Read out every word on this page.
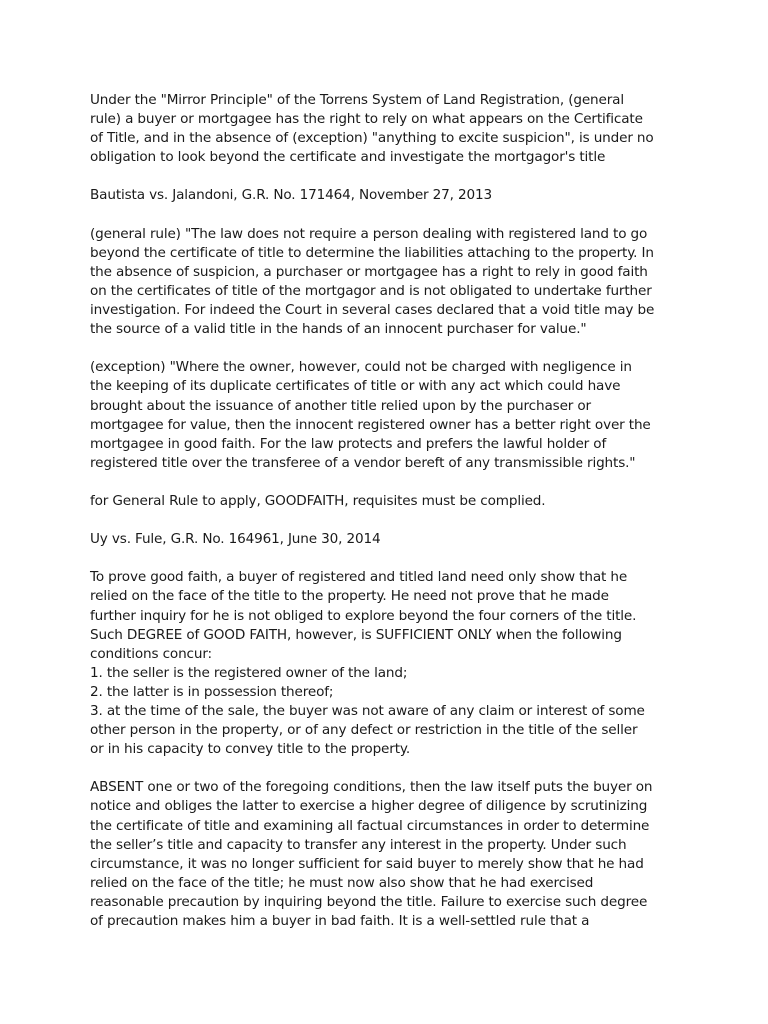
Under the "Mirror Principle" of the Torrens System of Land Registration, (general
rule) a buyer or mortgagee has the right to rely on what appears on the Certificate
of Title, and in the absence of (exception) "anything to excite suspicion", is under no
obligation to look beyond the certificate and investigate the mortgagor's title

Bautista vs. Jalandoni, G.R. No. 171464, November 27, 2013

(general rule) "The law does not require a person dealing with registered land to go
beyond the certificate of title to determine the liabilities attaching to the property. In
the absence of suspicion, a purchaser or mortgagee has a right to rely in good faith
on the certificates of title of the mortgagor and is not obligated to undertake further
investigation. For indeed the Court in several cases declared that a void title may be
the source of a valid title in the hands of an innocent purchaser for value."

(exception) "Where the owner, however, could not be charged with negligence in
the keeping of its duplicate certificates of title or with any act which could have
brought about the issuance of another title relied upon by the purchaser or
mortgagee for value, then the innocent registered owner has a better right over the
mortgagee in good faith. For the law protects and prefers the lawful holder of
registered title over the transferee of a vendor bereft of any transmissible rights."

for General Rule to apply, GOODFAITH, requisites must be complied.

Uy vs. Fule, G.R. No. 164961, June 30, 2014

To prove good faith, a buyer of registered and titled land need only show that he
relied on the face of the title to the property. He need not prove that he made
further inquiry for he is not obliged to explore beyond the four corners of the title.
Such DEGREE of GOOD FAITH, however, is SUFFICIENT ONLY when the following
conditions concur:
1. the seller is the registered owner of the land;
2. the latter is in possession thereof;
3. at the time of the sale, the buyer was not aware of any claim or interest of some
other person in the property, or of any defect or restriction in the title of the seller
or in his capacity to convey title to the property.

ABSENT one or two of the foregoing conditions, then the law itself puts the buyer on
notice and obliges the latter to exercise a higher degree of diligence by scrutinizing
the certificate of title and examining all factual circumstances in order to determine
the seller’s title and capacity to transfer any interest in the property. Under such
circumstance, it was no longer sufficient for said buyer to merely show that he had
relied on the face of the title; he must now also show that he had exercised
reasonable precaution by inquiring beyond the title. Failure to exercise such degree
of precaution makes him a buyer in bad faith. It is a well-settled rule that a
